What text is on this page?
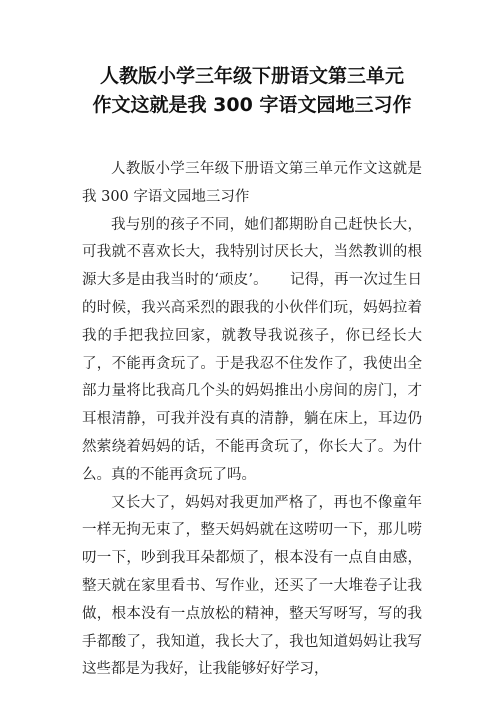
人教版小学三年级下册语文第三单元
作文这就是我 300 字语文园地三习作

人教版小学三年级下册语文第三单元作文这就是我 300 字语文园地三习作

我与别的孩子不同，她们都期盼自己赶快长大，可我就不喜欢长大，我特别讨厌长大，当然教训的根源大多是由我当时的‘顽皮’。　　记得，再一次过生日的时候，我兴高采烈的跟我的小伙伴们玩，妈妈拉着我的手把我拉回家，就教导我说孩子，你已经长大了，不能再贪玩了。于是我忍不住发作了，我使出全部力量将比我高几个头的妈妈推出小房间的房门，才耳根清静，可我并没有真的清静，躺在床上，耳边仍然萦绕着妈妈的话，不能再贪玩了，你长大了。为什么。真的不能再贪玩了吗。

又长大了，妈妈对我更加严格了，再也不像童年一样无拘无束了，整天妈妈就在这唠叨一下，那儿唠叨一下，吵到我耳朵都烦了，根本没有一点自由感，整天就在家里看书、写作业，还买了一大堆卷子让我做，根本没有一点放松的精神，整天写呀写，写的我手都酸了，我知道，我长大了，我也知道妈妈让我写这些都是为我好，让我能够好好学习，
